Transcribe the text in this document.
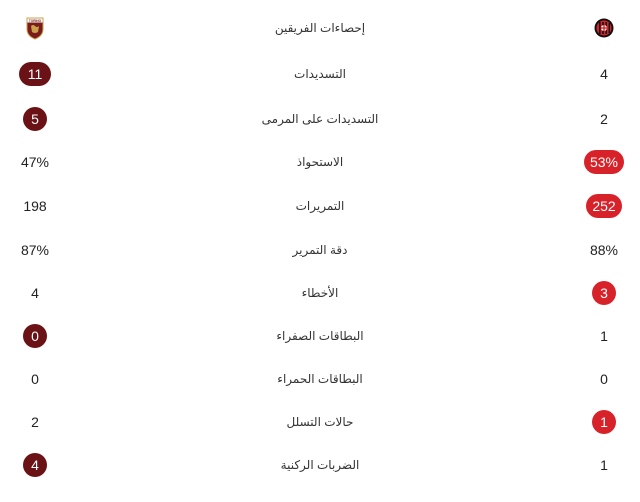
إحصاءات الفريقين
TORINO
4
التسديدات
11
2
التسديدات على المرمى
5
53%
الاستحواذ
47%
252
التمريرات
198
88%
دقة التمرير
87%
3
الأخطاء
4
1
البطاقات الصفراء
0
0
البطاقات الحمراء
0
1
حالات التسلل
2
1
الضربات الركنية
4
